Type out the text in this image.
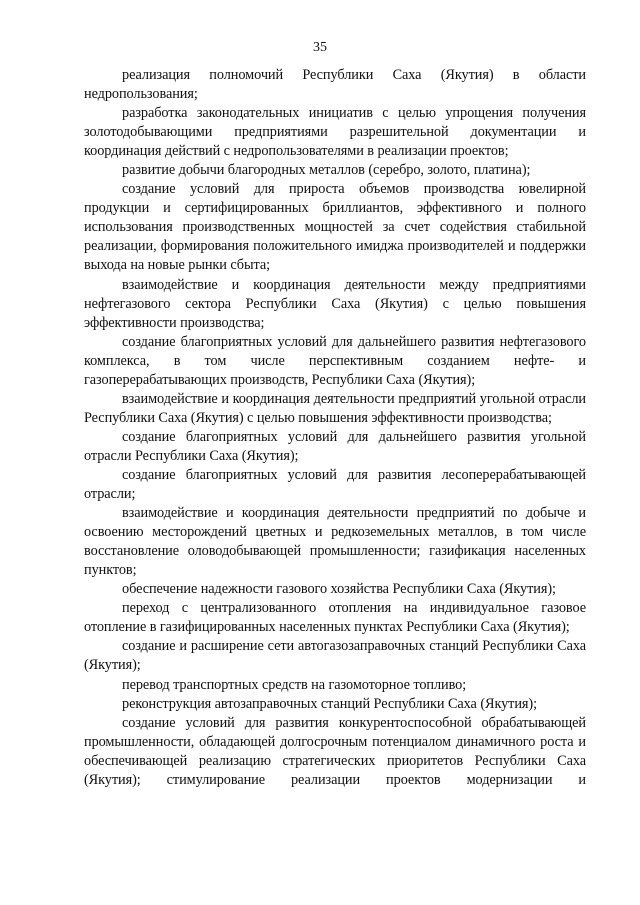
35

реализация полномочий Республики Саха (Якутия) в области недропользования;

разработка законодательных инициатив с целью упрощения получения золотодобывающими предприятиями разрешительной документации и координация действий с недропользователями в реализации проектов;

развитие добычи благородных металлов (серебро, золото, платина);

создание условий для прироста объемов производства ювелирной продукции и сертифицированных бриллиантов, эффективного и полного использования производственных мощностей за счет содействия стабильной реализации, формирования положительного имиджа производителей и поддержки выхода на новые рынки сбыта;

взаимодействие и координация деятельности между предприятиями нефтегазового сектора Республики Саха (Якутия) с целью повышения эффективности производства;

создание благоприятных условий для дальнейшего развития нефтегазового комплекса, в том числе перспективным созданием нефте- и газоперерабатывающих производств, Республики Саха (Якутия);

взаимодействие и координация деятельности предприятий угольной отрасли Республики Саха (Якутия) с целью повышения эффективности производства;

создание благоприятных условий для дальнейшего развития угольной отрасли Республики Саха (Якутия);

создание благоприятных условий для развития лесоперерабатывающей отрасли;

взаимодействие и координация деятельности предприятий по добыче и освоению месторождений цветных и редкоземельных металлов, в том числе восстановление оловодобывающей промышленности; газификация населенных пунктов;

обеспечение надежности газового хозяйства Республики Саха (Якутия);

переход с централизованного отопления на индивидуальное газовое отопление в газифицированных населенных пунктах Республики Саха (Якутия);

создание и расширение сети автогазозаправочных станций Республики Саха (Якутия);

перевод транспортных средств на газомоторное топливо;

реконструкция автозаправочных станций Республики Саха (Якутия);

создание условий для развития конкурентоспособной обрабатывающей промышленности, обладающей долгосрочным потенциалом динамичного роста и обеспечивающей реализацию стратегических приоритетов Республики Саха (Якутия); стимулирование реализации проектов модернизации и
